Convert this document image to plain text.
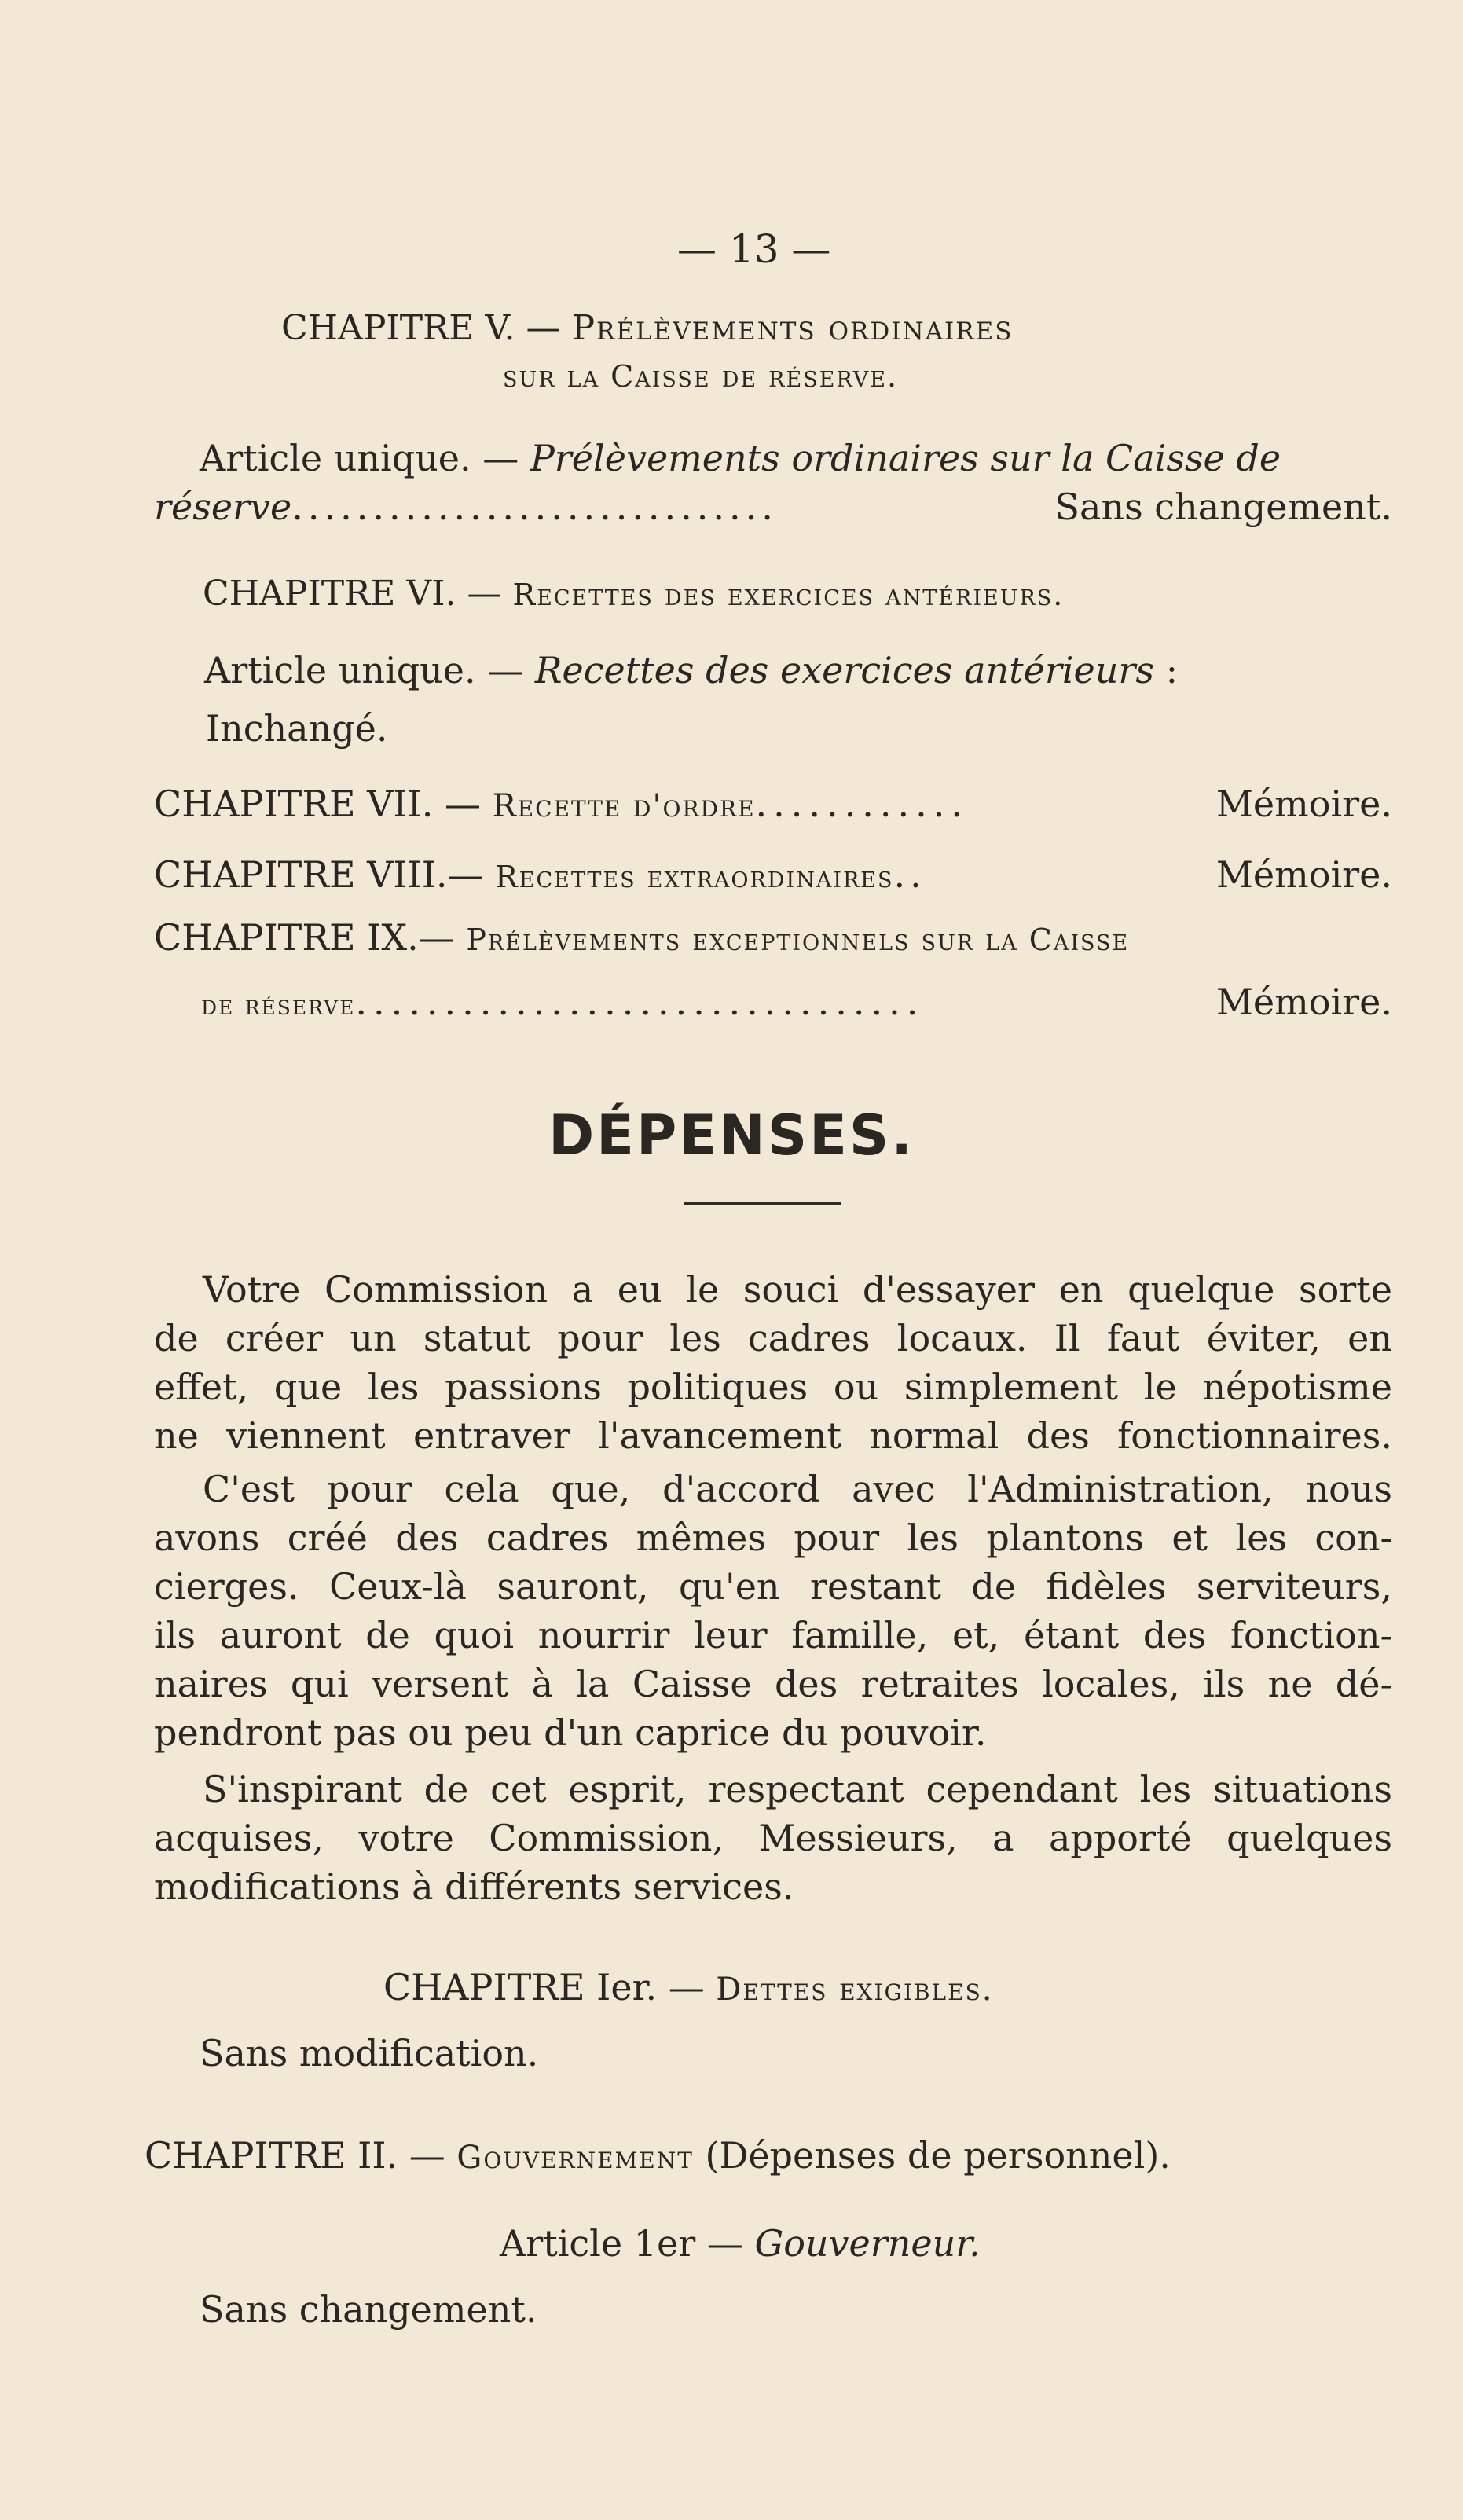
— 13 —
CHAPITRE V. — Prélèvements ordinaires
sur la Caisse de réserve.
Article unique. — Prélèvements ordinaires sur la Caisse de
réserve..............................	Sans changement.
CHAPITRE VI. — Recettes des exercices antérieurs.
Article unique. — Recettes des exercices antérieurs :
Inchangé.
CHAPITRE VII. — Recette d'ordre............	Mémoire.
CHAPITRE VIII.— Recettes extraordinaires..	Mémoire.
CHAPITRE IX.— Prélèvements exceptionnels sur la Caisse
de réserve................................	Mémoire.
DÉPENSES.
Votre Commission a eu le souci d'essayer en quelque sorte
de créer un statut pour les cadres locaux. Il faut éviter, en
effet, que les passions politiques ou simplement le népotisme
ne viennent entraver l'avancement normal des fonctionnaires.
C'est pour cela que, d'accord avec l'Administration, nous
avons créé des cadres mêmes pour les plantons et les con-
cierges. Ceux-là sauront, qu'en restant de fidèles serviteurs,
ils auront de quoi nourrir leur famille, et, étant des fonction-
naires qui versent à la Caisse des retraites locales, ils ne dé-
pendront pas ou peu d'un caprice du pouvoir.
S'inspirant de cet esprit, respectant cependant les situations
acquises, votre Commission, Messieurs, a apporté quelques
modifications à différents services.
CHAPITRE Ier. — Dettes exigibles.
Sans modification.
CHAPITRE II. — Gouvernement (Dépenses de personnel).
Article 1er — Gouverneur.
Sans changement.
